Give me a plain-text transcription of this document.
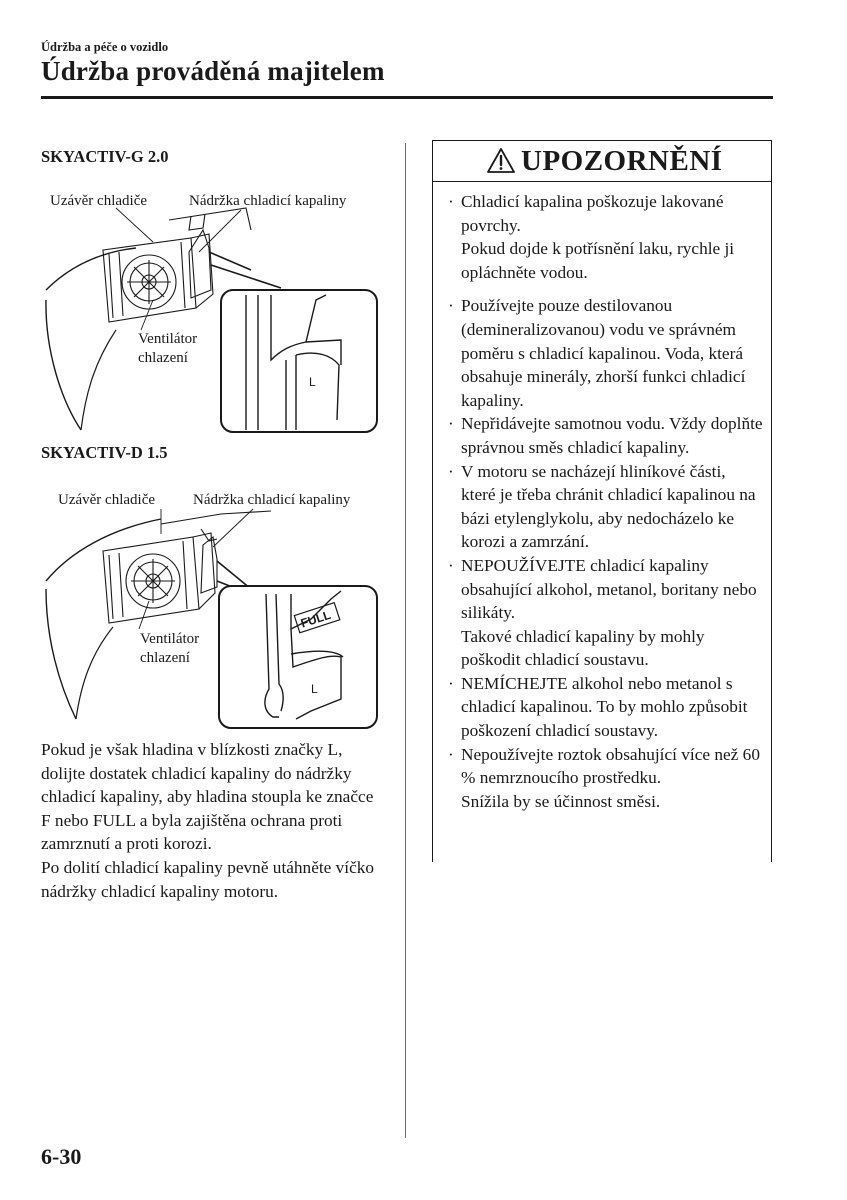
Údržba a péče o vozidlo
Údržba prováděná majitelem
SKYACTIV-G 2.0
L
Uzávěr chladiče	Nádržka chladicí kapaliny
Ventilátor
chlazení
SKYACTIV-D 1.5
FULL
L
Uzávěr chladiče	Nádržka chladicí kapaliny
Ventilátor
chlazení

Pokud je však hladina v blízkosti značky L, dolijte dostatek chladicí kapaliny do nádržky chladicí kapaliny, aby hladina stoupla ke značce F nebo FULL a byla zajištěna ochrana proti zamrznutí a proti korozi.

Po dolití chladicí kapaliny pevně utáhněte víčko nádržky chladicí kapaliny motoru.

UPOZORNĚNÍ
· Chladicí kapalina poškozuje lakované povrchy.
Pokud dojde k potřísnění laku, rychle ji opláchněte vodou.
· Používejte pouze destilovanou (demineralizovanou) vodu ve správném poměru s chladicí kapalinou. Voda, která obsahuje minerály, zhorší funkci chladicí kapaliny.
· Nepřidávejte samotnou vodu. Vždy doplňte správnou směs chladicí kapaliny.
· V motoru se nacházejí hliníkové části, které je třeba chránit chladicí kapalinou na bázi etylenglykolu, aby nedocházelo ke korozi a zamrzání.
· NEPOUŽÍVEJTE chladicí kapaliny obsahující alkohol, metanol, boritany nebo silikáty.
Takové chladicí kapaliny by mohly poškodit chladicí soustavu.
· NEMÍCHEJTE alkohol nebo metanol s chladicí kapalinou. To by mohlo způsobit poškození chladicí soustavy.
· Nepoužívejte roztok obsahující více než 60 % nemrznoucího prostředku.
Snížila by se účinnost směsi.
6-30
